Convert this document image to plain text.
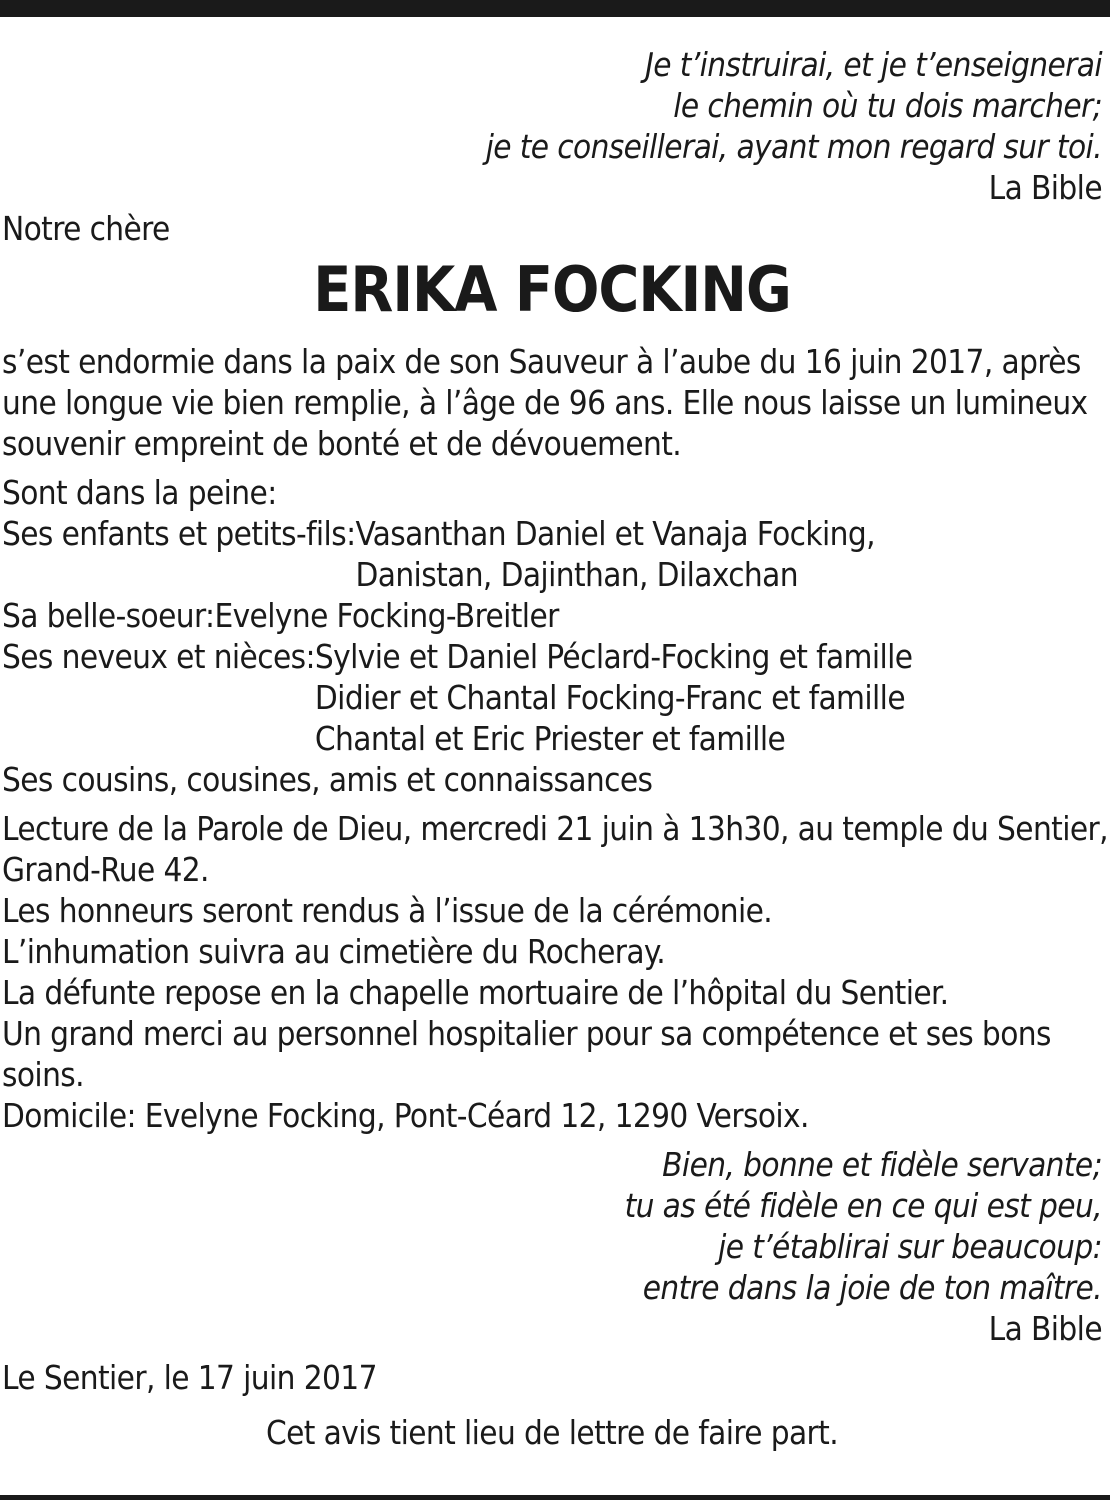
Je t’instruirai, et je t’enseignerai
le chemin où tu dois marcher;
je te conseillerai, ayant mon regard sur toi.
La Bible
Notre chère
ERIKA FOCKING
s’est endormie dans la paix de son Sauveur à l’aube du 16 juin 2017, après
une longue vie bien remplie, à l’âge de 96 ans. Elle nous laisse un lumineux
souvenir empreint de bonté et de dévouement.
Sont dans la peine:
Ses enfants et petits-fils: Vasanthan Daniel et Vanaja Focking,
Danistan, Dajinthan, Dilaxchan
Sa belle-soeur: Evelyne Focking-Breitler
Ses neveux et nièces: Sylvie et Daniel Péclard-Focking et famille
Didier et Chantal Focking-Franc et famille
Chantal et Eric Priester et famille
Ses cousins, cousines, amis et connaissances
Lecture de la Parole de Dieu, mercredi 21 juin à 13h30, au temple du Sentier,
Grand-Rue 42.
Les honneurs seront rendus à l’issue de la cérémonie.
L’inhumation suivra au cimetière du Rocheray.
La défunte repose en la chapelle mortuaire de l’hôpital du Sentier.
Un grand merci au personnel hospitalier pour sa compétence et ses bons
soins.
Domicile: Evelyne Focking, Pont-Céard 12, 1290 Versoix.
Bien, bonne et fidèle servante;
tu as été fidèle en ce qui est peu,
je t’établirai sur beaucoup:
entre dans la joie de ton maître.
La Bible
Le Sentier, le 17 juin 2017
Cet avis tient lieu de lettre de faire part.
